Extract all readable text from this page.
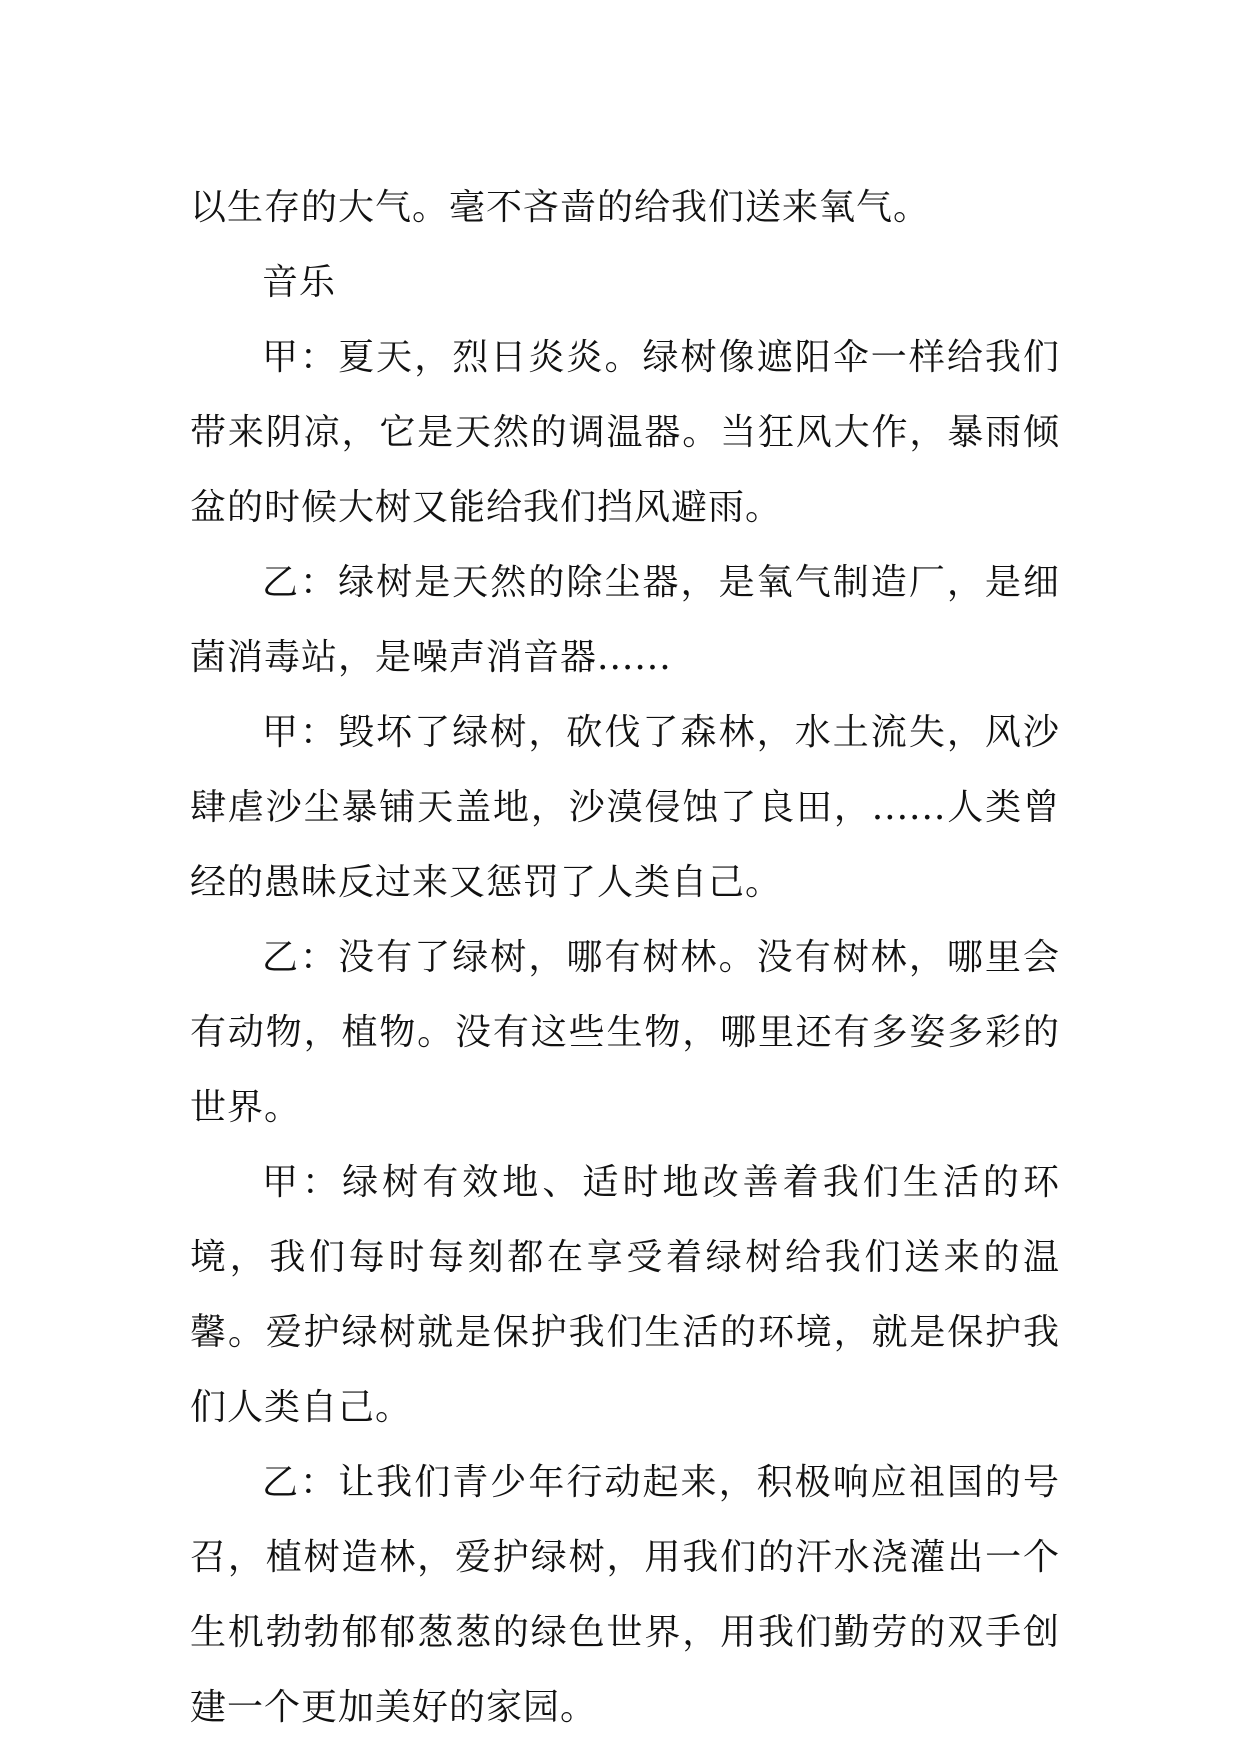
以生存的大气。毫不吝啬的给我们送来氧气。

音乐

甲：夏天，烈日炎炎。绿树像遮阳伞一样给我们带来阴凉，它是天然的调温器。当狂风大作，暴雨倾盆的时候大树又能给我们挡风避雨。

乙：绿树是天然的除尘器，是氧气制造厂，是细菌消毒站，是噪声消音器......

甲：毁坏了绿树，砍伐了森林，水土流失，风沙肆虐沙尘暴铺天盖地，沙漠侵蚀了良田，......人类曾经的愚昧反过来又惩罚了人类自己。

乙：没有了绿树，哪有树林。没有树林，哪里会有动物，植物。没有这些生物，哪里还有多姿多彩的世界。

甲：绿树有效地、适时地改善着我们生活的环境，我们每时每刻都在享受着绿树给我们送来的温馨。爱护绿树就是保护我们生活的环境，就是保护我们人类自己。

乙：让我们青少年行动起来，积极响应祖国的号召，植树造林，爱护绿树，用我们的汗水浇灌出一个生机勃勃郁郁葱葱的绿色世界，用我们勤劳的双手创建一个更加美好的家园。
